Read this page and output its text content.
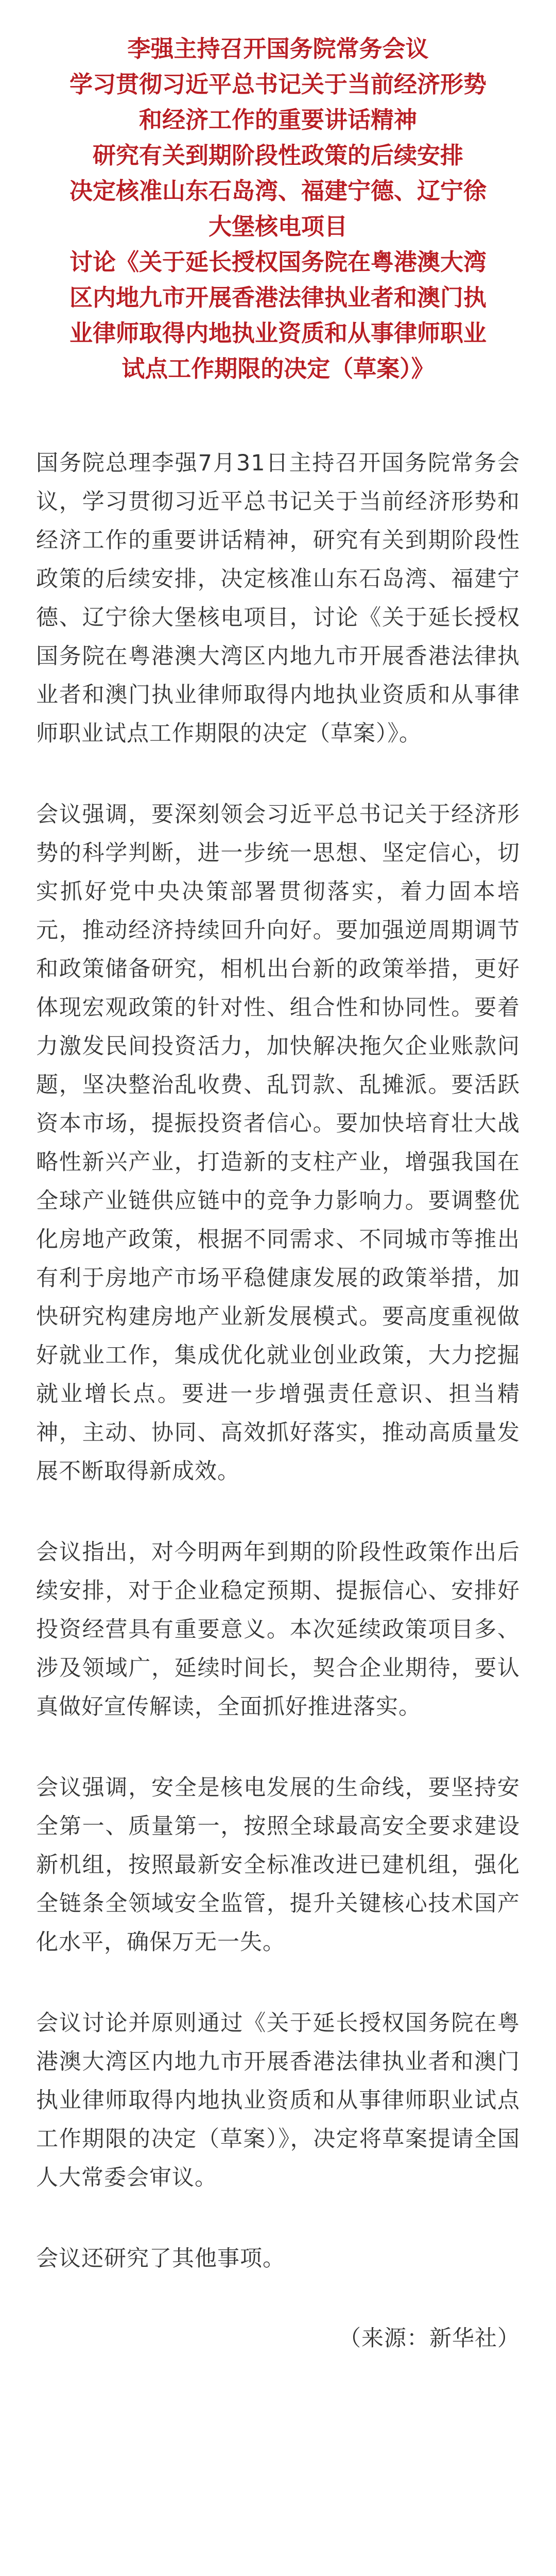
李强主持召开国务院常务会议
学习贯彻习近平总书记关于当前经济形势
和经济工作的重要讲话精神
研究有关到期阶段性政策的后续安排
决定核准山东石岛湾、福建宁德、辽宁徐
大堡核电项目
讨论《关于延长授权国务院在粤港澳大湾
区内地九市开展香港法律执业者和澳门执
业律师取得内地执业资质和从事律师职业
试点工作期限的决定（草案）》

国务院总理李强7月31日主持召开国务院常务会议，学习贯彻习近平总书记关于当前经济形势和经济工作的重要讲话精神，研究有关到期阶段性政策的后续安排，决定核准山东石岛湾、福建宁德、辽宁徐大堡核电项目，讨论《关于延长授权国务院在粤港澳大湾区内地九市开展香港法律执业者和澳门执业律师取得内地执业资质和从事律师职业试点工作期限的决定（草案）》。

会议强调，要深刻领会习近平总书记关于经济形势的科学判断，进一步统一思想、坚定信心，切实抓好党中央决策部署贯彻落实，着力固本培元，推动经济持续回升向好。要加强逆周期调节和政策储备研究，相机出台新的政策举措，更好体现宏观政策的针对性、组合性和协同性。要着力激发民间投资活力，加快解决拖欠企业账款问题，坚决整治乱收费、乱罚款、乱摊派。要活跃资本市场，提振投资者信心。要加快培育壮大战略性新兴产业，打造新的支柱产业，增强我国在全球产业链供应链中的竞争力影响力。要调整优化房地产政策，根据不同需求、不同城市等推出有利于房地产市场平稳健康发展的政策举措，加快研究构建房地产业新发展模式。要高度重视做好就业工作，集成优化就业创业政策，大力挖掘就业增长点。要进一步增强责任意识、担当精神，主动、协同、高效抓好落实，推动高质量发展不断取得新成效。

会议指出，对今明两年到期的阶段性政策作出后续安排，对于企业稳定预期、提振信心、安排好投资经营具有重要意义。本次延续政策项目多、涉及领域广，延续时间长，契合企业期待，要认真做好宣传解读，全面抓好推进落实。

会议强调，安全是核电发展的生命线，要坚持安全第一、质量第一，按照全球最高安全要求建设新机组，按照最新安全标准改进已建机组，强化全链条全领域安全监管，提升关键核心技术国产化水平，确保万无一失。

会议讨论并原则通过《关于延长授权国务院在粤港澳大湾区内地九市开展香港法律执业者和澳门执业律师取得内地执业资质和从事律师职业试点工作期限的决定（草案）》，决定将草案提请全国人大常委会审议。

会议还研究了其他事项。

（来源：新华社）
